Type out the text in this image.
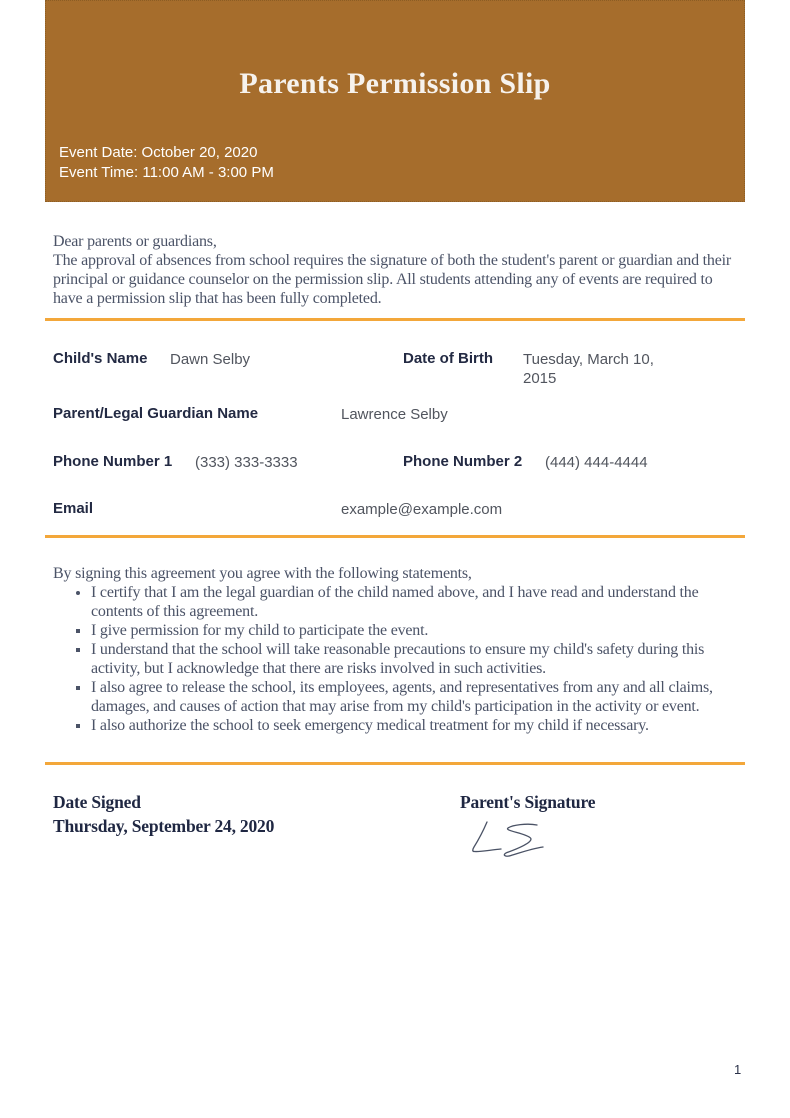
Parents Permission Slip
Event Date: October 20, 2020
Event Time: 11:00 AM - 3:00 PM
Dear parents or guardians,
The approval of absences from school requires the signature of both the student's parent or guardian and their principal or guidance counselor on the permission slip. All students attending any of events are required to have a permission slip that has been fully completed.
Child's Name Dawn Selby	Date of Birth Tuesday, March 10, 2015
Parent/Legal Guardian Name	Lawrence Selby
Phone Number 1 (333) 333-3333	Phone Number 2 (444) 444-4444
Email	example@example.com
By signing this agreement you agree with the following statements,
• I certify that I am the legal guardian of the child named above, and I have read and understand the contents of this agreement.
▪ I give permission for my child to participate the event.
▪ I understand that the school will take reasonable precautions to ensure my child's safety during this activity, but I acknowledge that there are risks involved in such activities.
▪ I also agree to release the school, its employees, agents, and representatives from any and all claims, damages, and causes of action that may arise from my child's participation in the activity or event.
▪ I also authorize the school to seek emergency medical treatment for my child if necessary.
Date Signed
Thursday, September 24, 2020
Parent's Signature
1
